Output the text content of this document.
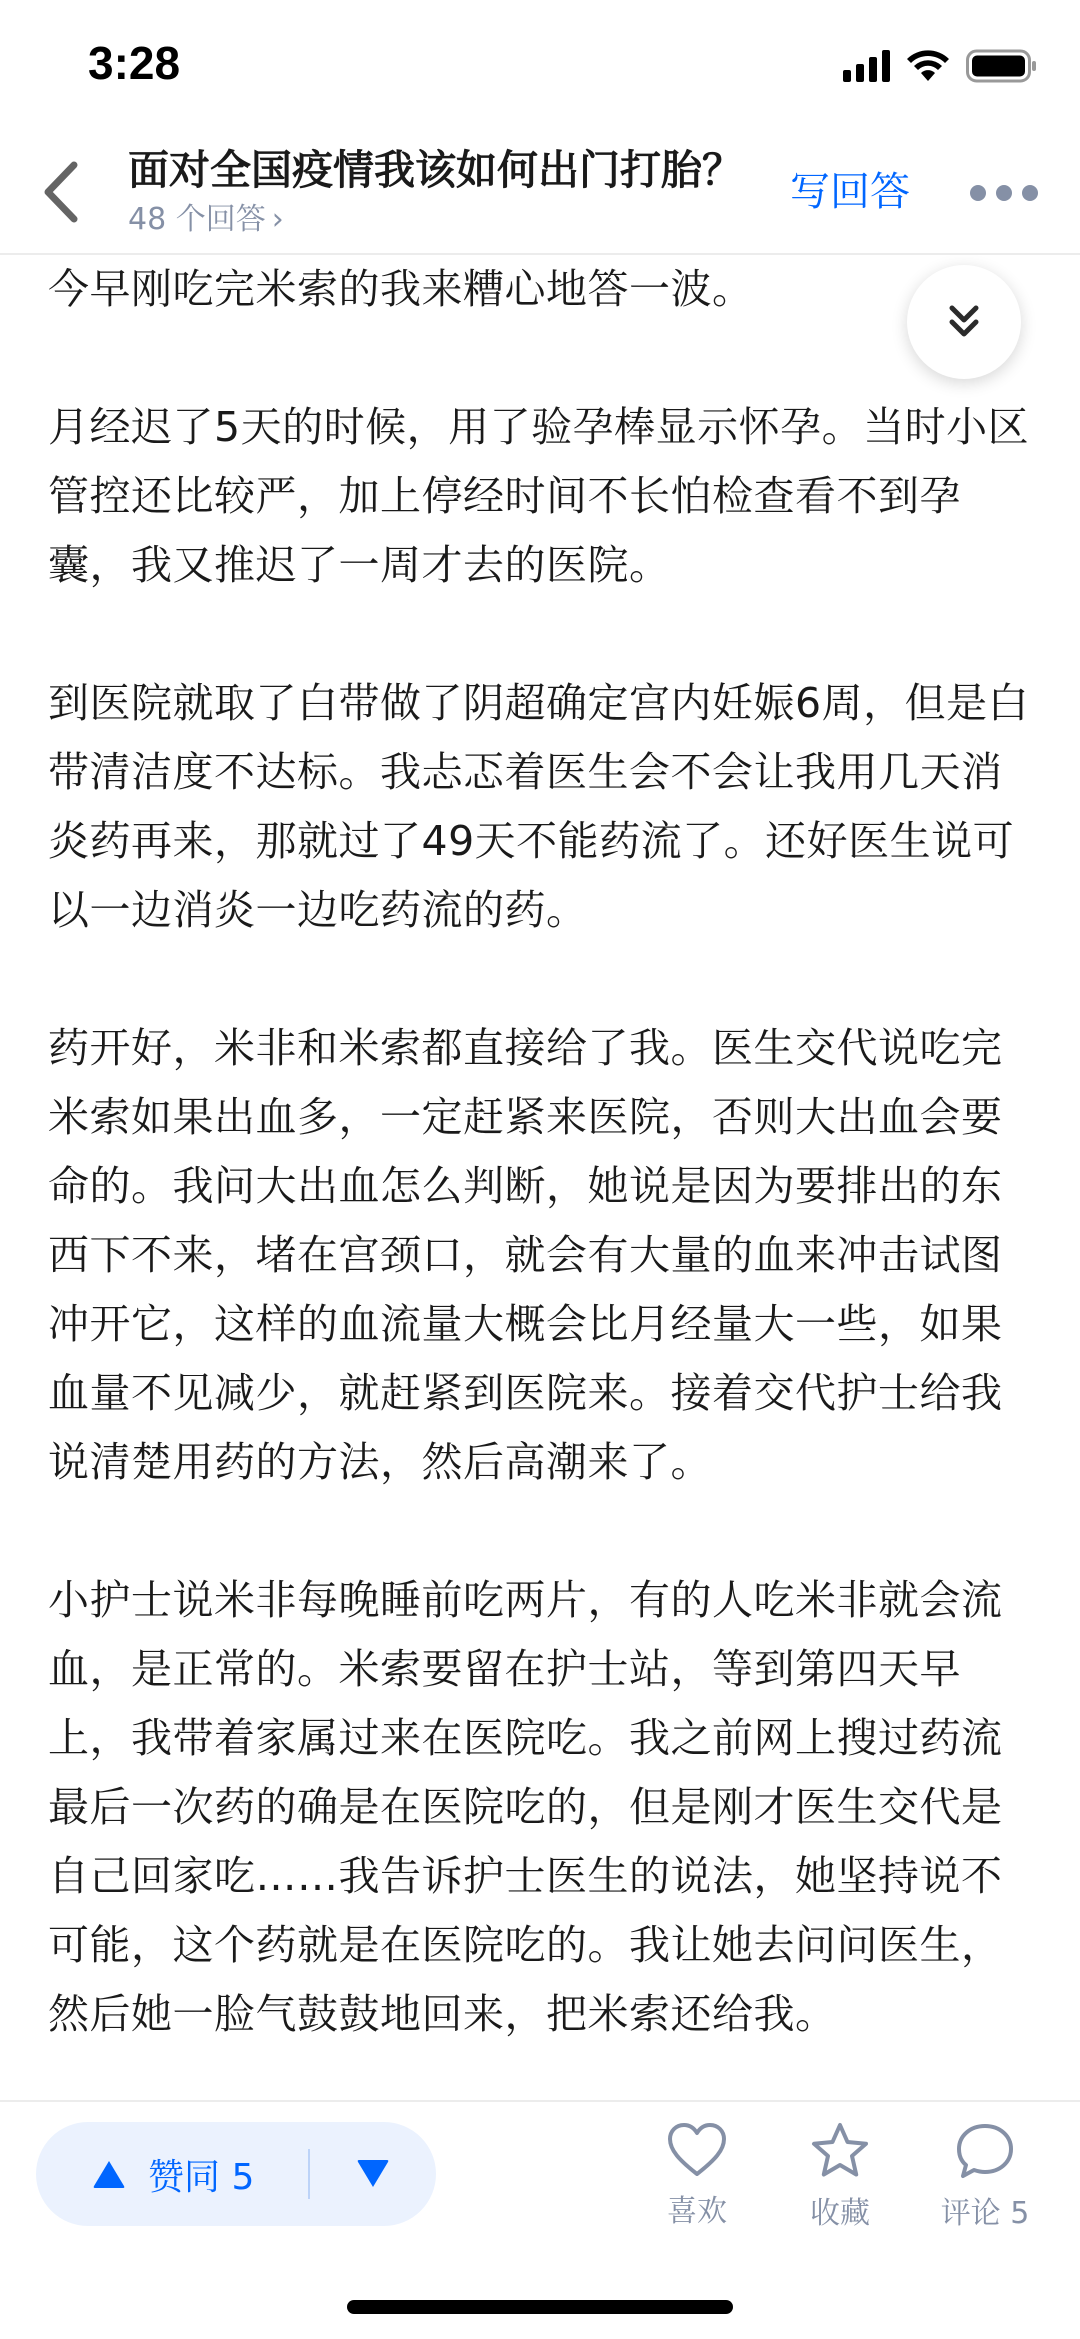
3:28
面对全国疫情我该如何出门打胎？
48 个回答 ›
写回答

今早刚吃完米索的我来糟心地答一波。

月经迟了5天的时候，用了验孕棒显示怀孕。当时小区管控还比较严，加上停经时间不长怕检查看不到孕囊，我又推迟了一周才去的医院。

到医院就取了白带做了阴超确定宫内妊娠6周，但是白带清洁度不达标。我忐忑着医生会不会让我用几天消炎药再来，那就过了49天不能药流了。还好医生说可以一边消炎一边吃药流的药。

药开好，米非和米索都直接给了我。医生交代说吃完米索如果出血多，一定赶紧来医院，否则大出血会要命的。我问大出血怎么判断，她说是因为要排出的东西下不来，堵在宫颈口，就会有大量的血来冲击试图冲开它，这样的血流量大概会比月经量大一些，如果血量不见减少，就赶紧到医院来。接着交代护士给我说清楚用药的方法，然后高潮来了。

小护士说米非每晚睡前吃两片，有的人吃米非就会流血，是正常的。米索要留在护士站，等到第四天早上，我带着家属过来在医院吃。我之前网上搜过药流最后一次药的确是在医院吃的，但是刚才医生交代是自己回家吃……我告诉护士医生的说法，她坚持说不可能，这个药就是在医院吃的。我让她去问问医生，然后她一脸气鼓鼓地回来，把米索还给我。

赞同 5
喜欢	收藏 评论 5
